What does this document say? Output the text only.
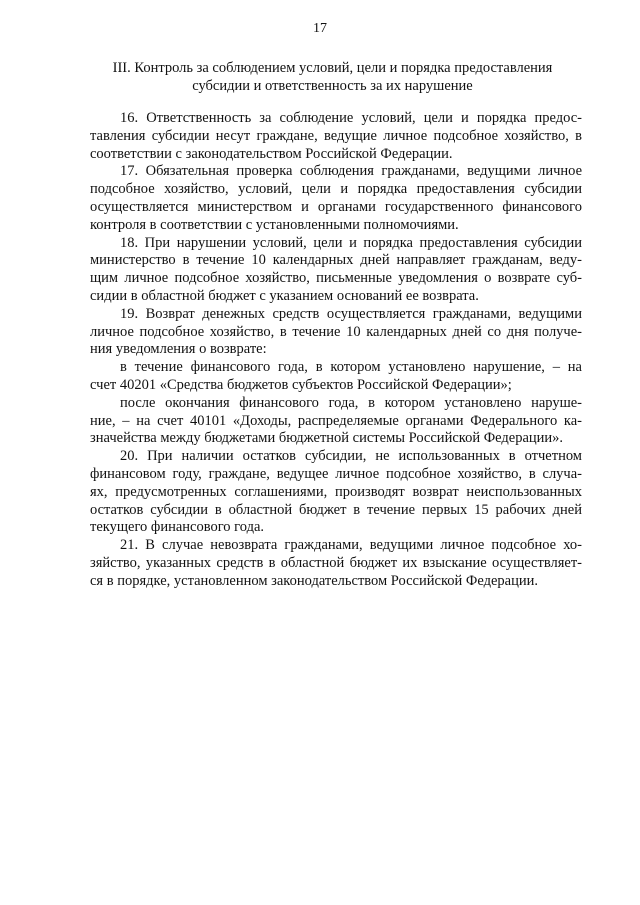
17
III. Контроль за соблюдением условий, цели и порядка предоставления
субсидии и ответственность за их нарушение

16. Ответственность за соблюдение условий, цели и порядка предос-
тавления субсидии несут граждане, ведущие личное подсобное хозяйство, в
соответствии с законодательством Российской Федерации.

17. Обязательная проверка соблюдения гражданами, ведущими личное
подсобное хозяйство, условий, цели и порядка предоставления субсидии
осуществляется министерством и органами государственного финансового
контроля в соответствии с установленными полномочиями.

18. При нарушении условий, цели и порядка предоставления субсидии
министерство в течение 10 календарных дней направляет гражданам, веду-
щим личное подсобное хозяйство, письменные уведомления о возврате суб-
сидии в областной бюджет с указанием оснований ее возврата.

19. Возврат денежных средств осуществляется гражданами, ведущими
личное подсобное хозяйство, в течение 10 календарных дней со дня получе-
ния уведомления о возврате:

в течение финансового года, в котором установлено нарушение, – на
счет 40201 «Средства бюджетов субъектов Российской Федерации»;

после окончания финансового года, в котором установлено наруше-
ние, – на счет 40101 «Доходы, распределяемые органами Федерального ка-
значейства между бюджетами бюджетной системы Российской Федерации».

20. При наличии остатков субсидии, не использованных в отчетном
финансовом году, граждане, ведущее личное подсобное хозяйство, в случа-
ях, предусмотренных соглашениями, производят возврат неиспользованных
остатков субсидии в областной бюджет в течение первых 15 рабочих дней
текущего финансового года.

21. В случае невозврата гражданами, ведущими личное подсобное хо-
зяйство, указанных средств в областной бюджет их взыскание осуществляет-
ся в порядке, установленном законодательством Российской Федерации.
